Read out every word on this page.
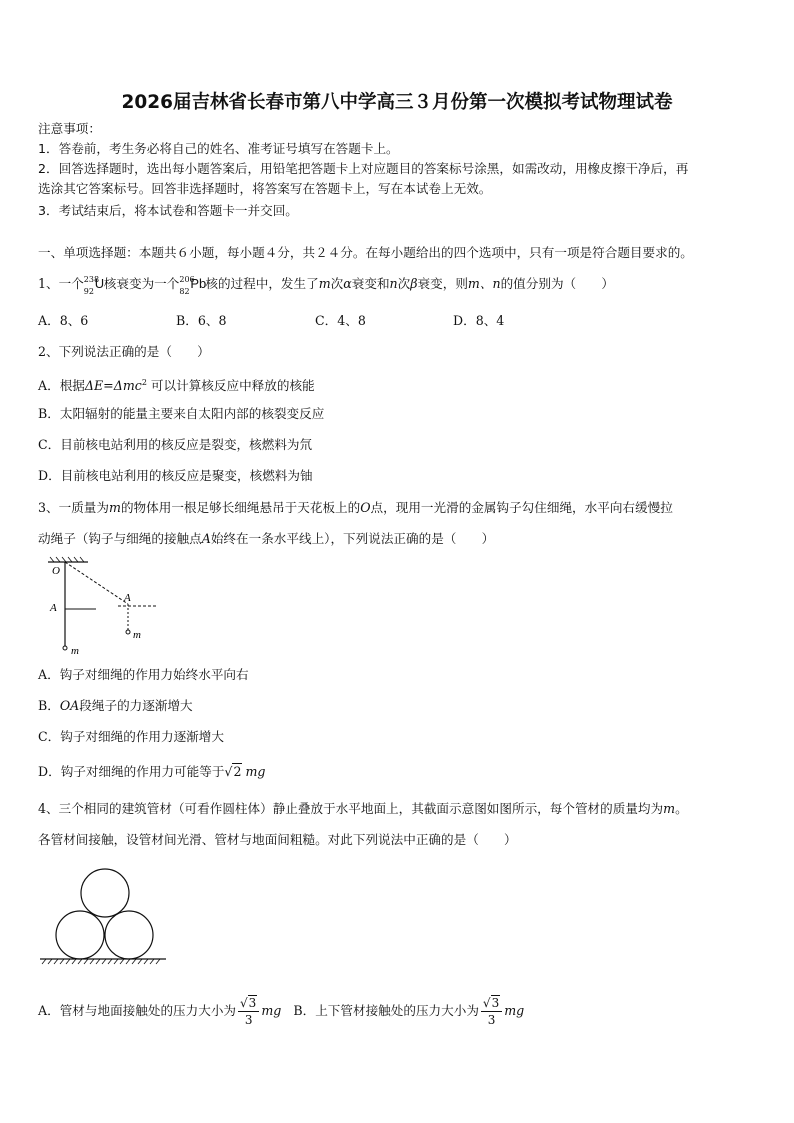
2026届吉林省长春市第八中学高三３月份第一次模拟考试物理试卷
注意事项：
1．答卷前，考生务必将自己的姓名、准考证号填写在答题卡上。
2．回答选择题时，选出每小题答案后，用铅笔把答题卡上对应题目的答案标号涂黑，如需改动，用橡皮擦干净后，再
选涂其它答案标号。回答非选择题时，将答案写在答题卡上，写在本试卷上无效。
3．考试结束后，将本试卷和答题卡一并交回。
一、单项选择题：本题共６小题，每小题４分，共２４分。在每小题给出的四个选项中，只有一项是符合题目要求的。
1、一个 238
92
U 核衰变为一个 206
82
Pb 核的过程中，发生了m次α衰变和n次β衰变，则m、n的值分别为（　　）
A．8、6	B．6、8	C．4、8	D．8、4
2、下列说法正确的是（　　）
A．根据ΔE=Δmc$^2$ 可以计算核反应中释放的核能
B．太阳辐射的能量主要来自太阳内部的核裂变反应
C．目前核电站利用的核反应是裂变，核燃料为氘
D．目前核电站利用的核反应是聚变，核燃料为铀
3、一质量为m的物体用一根足够长细绳悬吊于天花板上的O点，现用一光滑的金属钩子勾住细绳，水平向右缓慢拉
动绳子（钩子与细绳的接触点A始终在一条水平线上），下列说法正确的是（　　）
O
A
A
m
m
A．钩子对细绳的作用力始终水平向右
B．OA段绳子的力逐渐增大
C．钩子对细绳的作用力逐渐增大
D．钩子对细绳的作用力可能等于√2 mg
4、三个相同的建筑管材（可看作圆柱体）静止叠放于水平地面上，其截面示意图如图所示，每个管材的质量均为m。
各管材间接触，设管材间光滑、管材与地面间粗糙。对此下列说法中正确的是（　　）
A．管材与地面接触处的压力大小为 $\frac{√3}{3}$ mg B．上下管材接触处的压力大小为 $\frac{√3}{3}$ mg
